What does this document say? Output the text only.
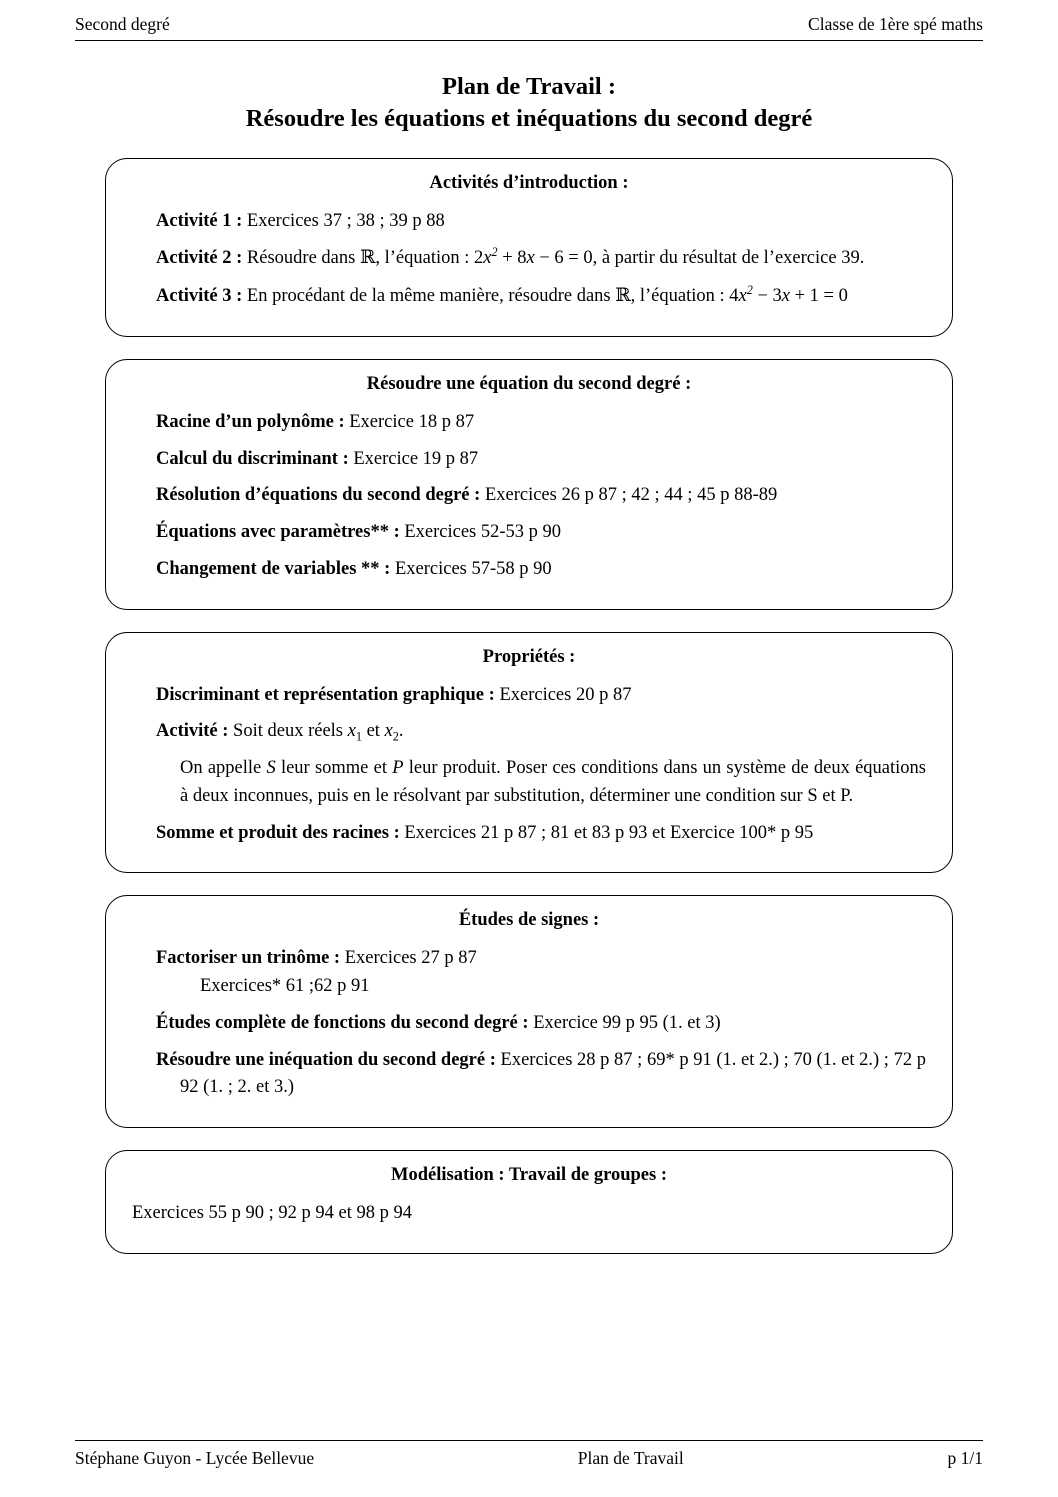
Second degré	Classe de 1ère spé maths
Plan de Travail :
Résoudre les équations et inéquations du second degré
Activités d’introduction :
Activité 1 : Exercices 37 ; 38 ; 39 p 88
Activité 2 : Résoudre dans ℝ, l’équation : $2x^2 + 8x - 6 = 0$, à partir du résultat de l’exercice 39.
Activité 3 : En procédant de la même manière, résoudre dans ℝ, l’équation : $4x^2 - 3x + 1 = 0$
Résoudre une équation du second degré :
Racine d’un polynôme : Exercice 18 p 87
Calcul du discriminant : Exercice 19 p 87
Résolution d’équations du second degré : Exercices 26 p 87 ; 42 ; 44 ; 45 p 88-89
Équations avec paramètres** : Exercices 52-53 p 90
Changement de variables ** : Exercices 57-58 p 90
Propriétés :
Discriminant et représentation graphique : Exercices 20 p 87
Activité : Soit deux réels $x_1$ et $x_2$.
On appelle S leur somme et P leur produit. Poser ces conditions dans un système de deux équations à deux inconnues, puis en le résolvant par substitution, déterminer une condition sur S et P.
Somme et produit des racines : Exercices 21 p 87 ; 81 et 83 p 93 et Exercice 100* p 95
Études de signes :
Factoriser un trinôme : Exercices 27 p 87
Exercices* 61 ;62 p 91
Études complète de fonctions du second degré : Exercice 99 p 95 (1. et 3)
Résoudre une inéquation du second degré : Exercices 28 p 87 ; 69* p 91 (1. et 2.) ; 70 (1. et 2.) ; 72 p 92 (1. ; 2. et 3.)
Modélisation : Travail de groupes :
Exercices 55 p 90 ; 92 p 94 et 98 p 94
Stéphane Guyon - Lycée Bellevue	Plan de Travail	p 1/1
